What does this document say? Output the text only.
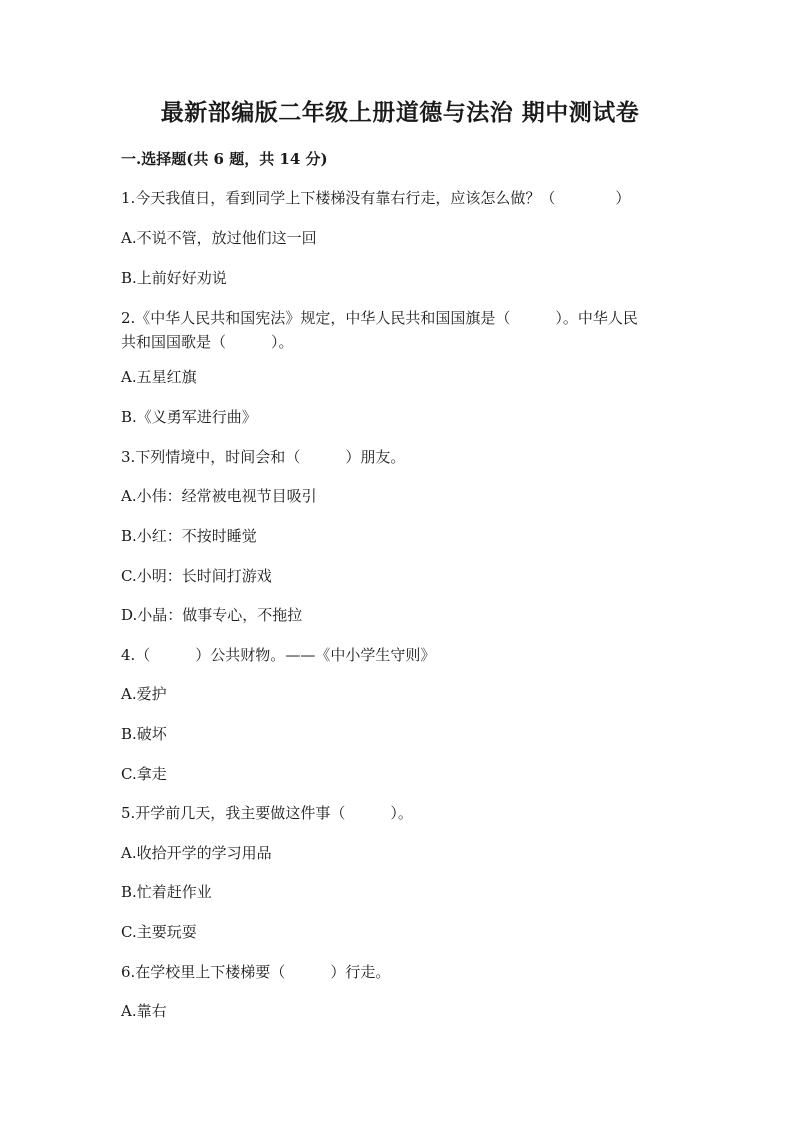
最新部编版二年级上册道德与法治 期中测试卷
一.选择题(共 6 题，共 14 分)
1.今天我值日，看到同学上下楼梯没有靠右行走，应该怎么做？（　　　　）
A.不说不管，放过他们这一回
B.上前好好劝说
2.《中华人民共和国宪法》规定，中华人民共和国国旗是（　　　）。中华人民
共和国国歌是（　　　）。
A.五星红旗
B.《义勇军进行曲》
3.下列情境中，时间会和（　　　）朋友。
A.小伟：经常被电视节目吸引
B.小红：不按时睡觉
C.小明：长时间打游戏
D.小晶：做事专心，不拖拉
4.（　　　）公共财物。——《中小学生守则》
A.爱护
B.破坏
C.拿走
5.开学前几天，我主要做这件事（　　　）。
A.收拾开学的学习用品
B.忙着赶作业
C.主要玩耍
6.在学校里上下楼梯要（　　　）行走。
A.靠右
